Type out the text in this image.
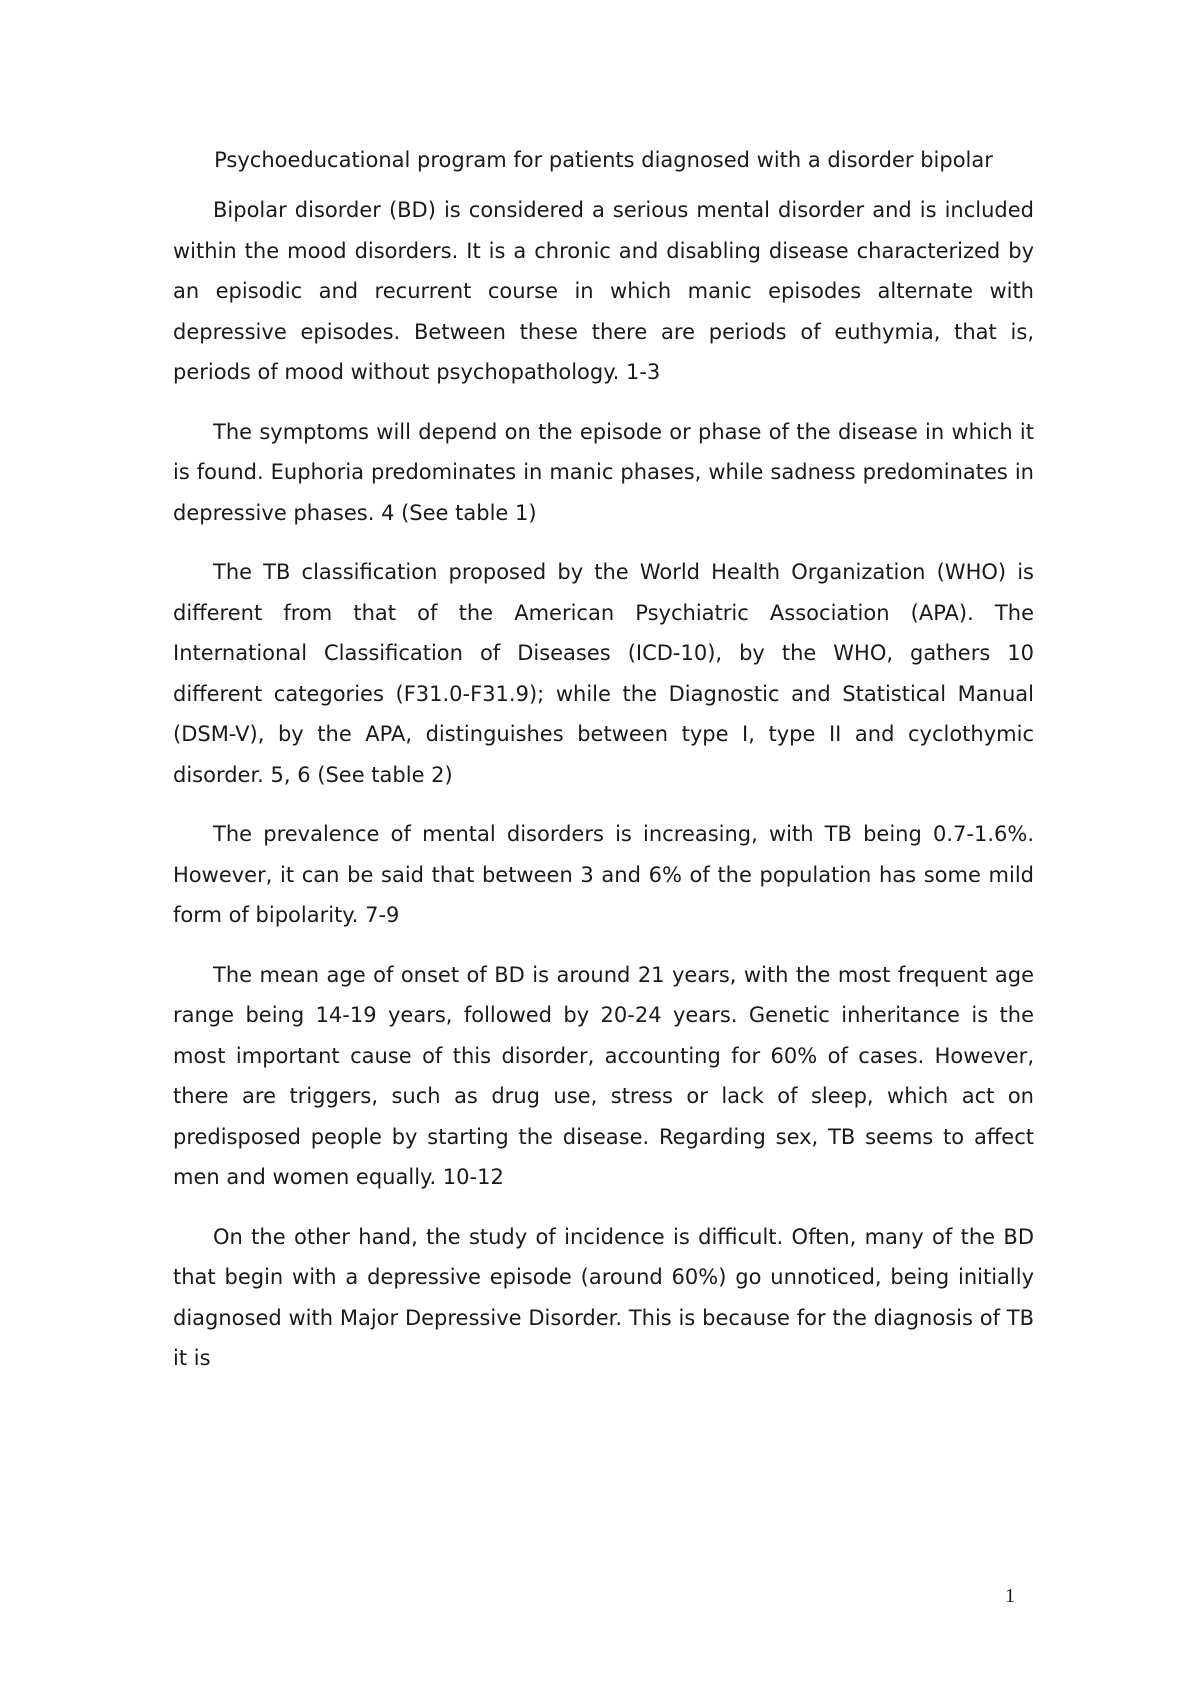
Psychoeducational program for patients diagnosed with a disorder bipolar

Bipolar disorder (BD) is considered a serious mental disorder and is included within the mood disorders. It is a chronic and disabling disease characterized by an episodic and recurrent course in which manic episodes alternate with depressive episodes. Between these there are periods of euthymia, that is, periods of mood without psychopathology. 1-3

The symptoms will depend on the episode or phase of the disease in which it is found. Euphoria predominates in manic phases, while sadness predominates in depressive phases. 4 (See table 1)

The TB classification proposed by the World Health Organization (WHO) is different from that of the American Psychiatric Association (APA). The International Classification of Diseases (ICD-10), by the WHO, gathers 10 different categories (F31.0-F31.9); while the Diagnostic and Statistical Manual (DSM-V), by the APA, distinguishes between type I, type II and cyclothymic disorder. 5, 6 (See table 2)

The prevalence of mental disorders is increasing, with TB being 0.7-1.6%. However, it can be said that between 3 and 6% of the population has some mild form of bipolarity. 7-9

The mean age of onset of BD is around 21 years, with the most frequent age range being 14-19 years, followed by 20-24 years. Genetic inheritance is the most important cause of this disorder, accounting for 60% of cases. However, there are triggers, such as drug use, stress or lack of sleep, which act on predisposed people by starting the disease. Regarding sex, TB seems to affect men and women equally. 10-12

On the other hand, the study of incidence is difficult. Often, many of the BD that begin with a depressive episode (around 60%) go unnoticed, being initially diagnosed with Major Depressive Disorder. This is because for the diagnosis of TB it is

1
